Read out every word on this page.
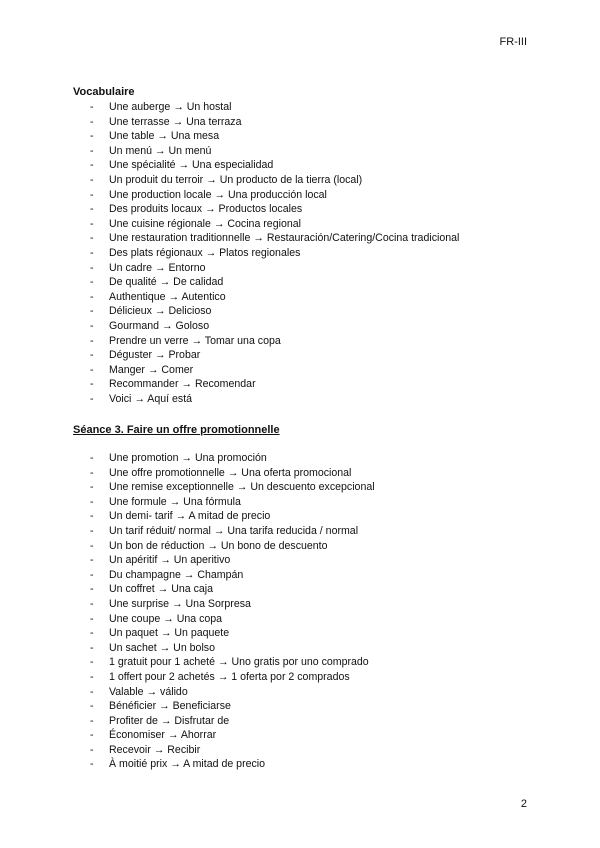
FR-III
Vocabulaire
- Une auberge → Un hostal
- Une terrasse → Una terraza
- Une table → Una mesa
- Un menú → Un menú
- Une spécialité → Una especialidad
- Un produit du terroir → Un producto de la tierra (local)
- Une production locale → Una producción local
- Des produits locaux → Productos locales
- Une cuisine régionale → Cocina regional
- Une restauration traditionnelle → Restauración/Catering/Cocina tradicional
- Des plats régionaux → Platos regionales
- Un cadre → Entorno
- De qualité → De calidad
- Authentique → Autentico
- Délicieux → Delicioso
- Gourmand → Goloso
- Prendre un verre → Tomar una copa
- Déguster → Probar
- Manger → Comer
- Recommander → Recomendar
- Voici → Aquí está
Séance 3. Faire un offre promotionnelle
- Une promotion → Una promoción
- Une offre promotionnelle → Una oferta promocional
- Une remise exceptionnelle → Un descuento excepcional
- Une formule → Una fórmula
- Un demi- tarif → A mitad de precio
- Un tarif réduit/ normal → Una tarifa reducida / normal
- Un bon de réduction → Un bono de descuento
- Un apéritif → Un aperitivo
- Du champagne → Champán
- Un coffret → Una caja
- Une surprise → Una Sorpresa
- Une coupe → Una copa
- Un paquet → Un paquete
- Un sachet → Un bolso
- 1 gratuit pour 1 acheté → Uno gratis por uno comprado
- 1 offert pour 2 achetés → 1 oferta por 2 comprados
- Valable → válido
- Bénéficier → Beneficiarse
- Profiter de → Disfrutar de
- Économiser → Ahorrar
- Recevoir → Recibir
- À moitié prix → A mitad de precio
2
